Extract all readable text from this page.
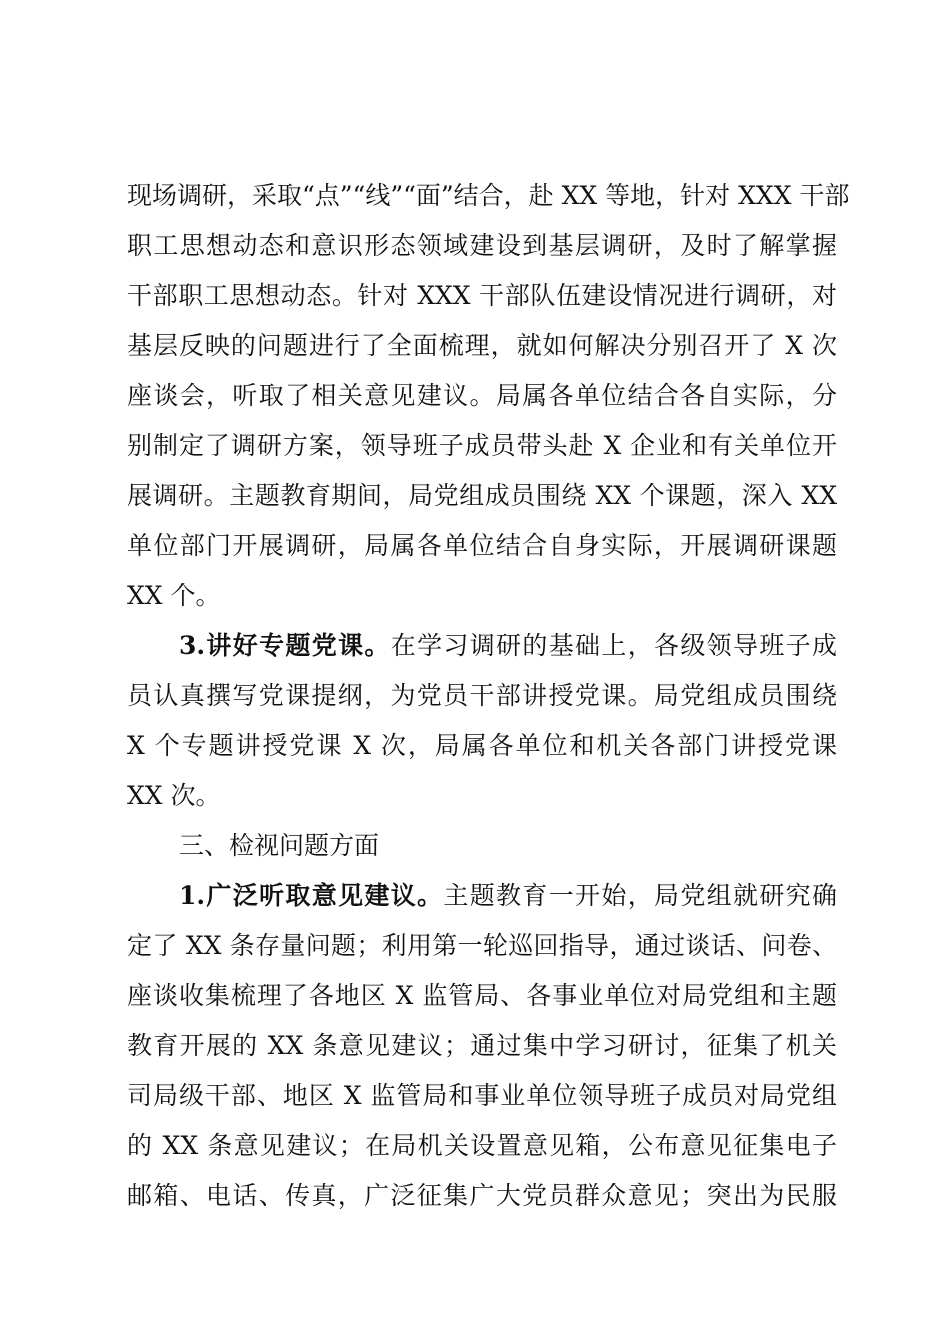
现场调研，采取“点”“线”“面”结合，赴 XX 等地，针对 XXX 干部
职工思想动态和意识形态领域建设到基层调研，及时了解掌握
干部职工思想动态。针对 XXX 干部队伍建设情况进行调研，对
基层反映的问题进行了全面梳理，就如何解决分别召开了 X 次
座谈会，听取了相关意见建议。局属各单位结合各自实际，分
别制定了调研方案，领导班子成员带头赴 X 企业和有关单位开
展调研。主题教育期间，局党组成员围绕 XX 个课题，深入 XX
单位部门开展调研，局属各单位结合自身实际，开展调研课题
XX 个。
3.讲好专题党课。在学习调研的基础上，各级领导班子成
员认真撰写党课提纲，为党员干部讲授党课。局党组成员围绕
X 个专题讲授党课 X 次，局属各单位和机关各部门讲授党课
XX 次。
三、检视问题方面
1.广泛听取意见建议。主题教育一开始，局党组就研究确
定了 XX 条存量问题；利用第一轮巡回指导，通过谈话、问卷、
座谈收集梳理了各地区 X 监管局、各事业单位对局党组和主题
教育开展的 XX 条意见建议；通过集中学习研讨，征集了机关
司局级干部、地区 X 监管局和事业单位领导班子成员对局党组
的 XX 条意见建议；在局机关设置意见箱，公布意见征集电子
邮箱、电话、传真，广泛征集广大党员群众意见；突出为民服
